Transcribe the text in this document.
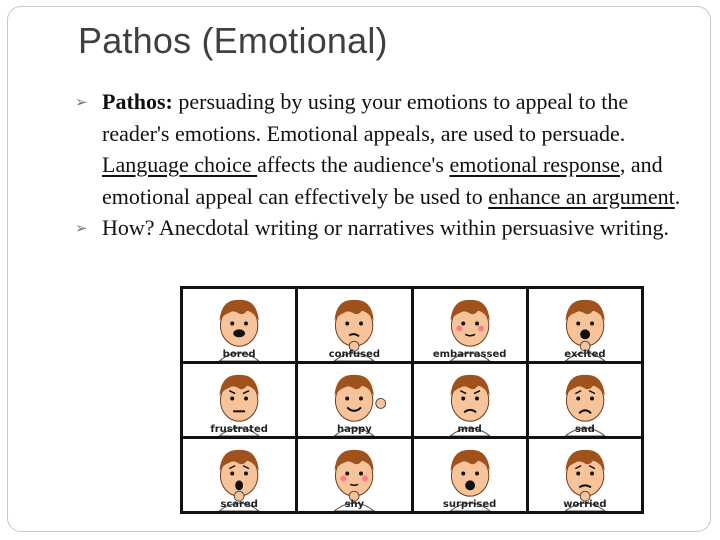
Pathos (Emotional)
➢ Pathos: persuading by using your emotions to appeal to the reader's emotions. Emotional appeals, are used to persuade. Language choice affects the audience's emotional response, and emotional appeal can effectively be used to enhance an argument.
➢ How? Anecdotal writing or narratives within persuasive writing.
bored	confused	embarrassed	excited
frustrated	happy	mad	sad
scared	shy	surprised	worried
